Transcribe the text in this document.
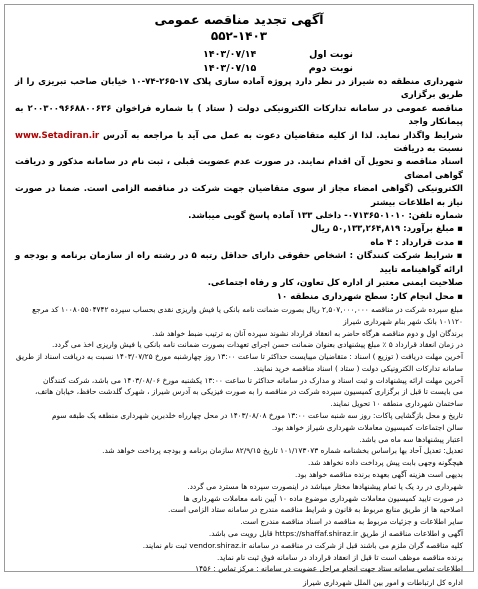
آگهی تجدید مناقصه عمومی
۵۵۲-۱۴۰۳
نوبت اول
۱۴۰۳/۰۷/۱۴
نوبت دوم
۱۴۰۳/۰۷/۱۵

شهرداری منطقه ده شیراز در نظر دارد پروژه آماده سازی پلاک ۱۷-۲۶۵-۷۴-۱۰ خیابان صاحب تبریزی را از طریق برگزاری

مناقصه عمومی در سامانه تدارکات الکترونیکی دولت ( ستاد ) با شماره فراخوان ۲۰۰۳۰۰۹۶۶۸۸۰۰۶۳۶ به پیمانکار واجد

شرایط واگذار نماید. لذا از کلیه متقاضیان دعوت به عمل می آید با مراجعه به آدرس www.Setadiran.ir نسبت به دریافت

اسناد مناقصه و تحویل آن اقدام نمایند. در صورت عدم عضویت قبلی ، ثبت نام در سامانه مذکور و دریافت گواهی امضای

الکترونیکی (گواهی امضاء مجاز از سوی متقاضیان جهت شرکت در مناقصه الزامی است. ضمنا در صورت نیاز به اطلاعات بیشتر

شماره تلفن: ۰۷۱۳۶۵۰۱۰۱۰- داخلی ۱۳۳ آماده پاسخ گویی میباشد.

▪ مبلغ برآورد: ۵۰,۱۳۳,۲۶۴,۸۱۹ ریال

▪ مدت قرارداد : ۴ ماه

▪ شرایط شرکت کنندگان : اشخاص حقوقی دارای حداقل رتبه ۵ در رشته راه از سازمان برنامه و بودجه و ارائه گواهینامه تایید

صلاحیت ایمنی معتبر از اداره کل تعاون، کار و رفاه اجتماعی.

▪ محل انجام کار: سطح شهرداری منطقه ۱۰

مبلغ سپرده شرکت در مناقصه ۲,۵۰۷,۰۰۰,۰۰۰ ریال بصورت ضمانت نامه بانکی یا فیش واریزی نقدی بحساب سپرده ۱۰۰۸۰۵۵۰۴۷۴۲ کد مرجع

۱۰۱۱۲۰ بانک شهر بنام شهرداری شیراز

برندگان اول و دوم مناقصه هرگاه حاضر به انعقاد قرارداد نشوند سپرده آنان به ترتیب ضبط خواهد شد.

در زمان انعقاد قرارداد ۵ ٪ مبلغ پیشنهادی بعنوان ضمانت حسن اجرای تعهدات بصورت ضمانت نامه بانکی یا فیش واریزی اخذ می گردد.

آخرین مهلت دریافت ( توزیع ) اسناد : متقاضیان میبایست حداکثر تا ساعت ۱۳:۰۰ روز چهارشنبه مورخ ۱۴۰۳/۰۷/۲۵ نسبت به دریافت اسناد از طریق

سامانه تدارکات الکترونیکی دولت ( ستاد ) اسناد مناقصه خرید نمایند.

آخرین مهلت ارائه پیشنهادات و ثبت اسناد و مدارک در سامانه حداکثر تا ساعت ۱۳:۰۰ یکشنبه مورخ ۱۴۰۳/۰۸/۰۶ می باشد، شرکت کنندگان

می بایست تا قبل از برگزاری کمیسیون سپرده شرکت در مناقصه را به صورت فیزیکی به آدرس شیراز ، شهرک گلدشت حافظ، خیابان هاتف،

ساختمان شهرداری منطقه ۱۰ تحویل نمایند.

تاریخ و محل بازگشایی پاکات: روز سه شنبه ساعت ۱۳:۰۰ مورخ ۱۴۰۳/۰۸/۰۸ در محل چهارراه خلدبرین شهرداری منطقه یک طبقه سوم

سالن اجتماعات کمیسیون معاملات شهرداری شیراز خواهد بود.

اعتبار پیشنهادها سه ماه می باشد.

تعدیل: تعدیل آحاد بها براساس بخشنامه شماره ۱۰۱/۱۷۳۰۷۳ تاریخ ۸۲/۹/۱۵ سازمان برنامه و بودجه پرداخت خواهد شد.

هیچگونه وجهی بابت پیش پرداخت داده نخواهد شد.

بدیهی است هزینه آگهی بعهده برنده مناقصه خواهد بود.

شهرداری در رد یک یا تمام پیشنهادها مختار میباشد در اینصورت سپرده ها مسترد می گردد.

در صورت تایید کمیسیون معاملات شهرداری موضوع ماده ۱۰ آیین نامه معاملات شهرداری ها

اصلاحیه ها از طریق منابع مربوط به قانون و شرایط مناقصه مندرج در سامانه ستاد الزامی است.

سایر اطلاعات و جزئیات مربوط به مناقصه در اسناد مناقصه مندرج است.

آگهی و اطلاعات مناقصه از طریق https://shaffaf.shiraz.ir قابل رویت می باشد.

کلیه مناقصه گران ملزم می باشند قبل از شرکت در مناقصه در سامانه vendor.shiraz.ir ثبت نام نمایند.

برنده مناقصه موظف است تا قبل از انعقاد قرارداد در سامانه فوق ثبت نام نماید.

اطلاعات تماس سامانه ستاد جهت انجام مراحل عضویت در سامانه : مرکز تماس : ۱۴۵۶

اداره کل ارتباطات و امور بین الملل شهرداری شیراز
